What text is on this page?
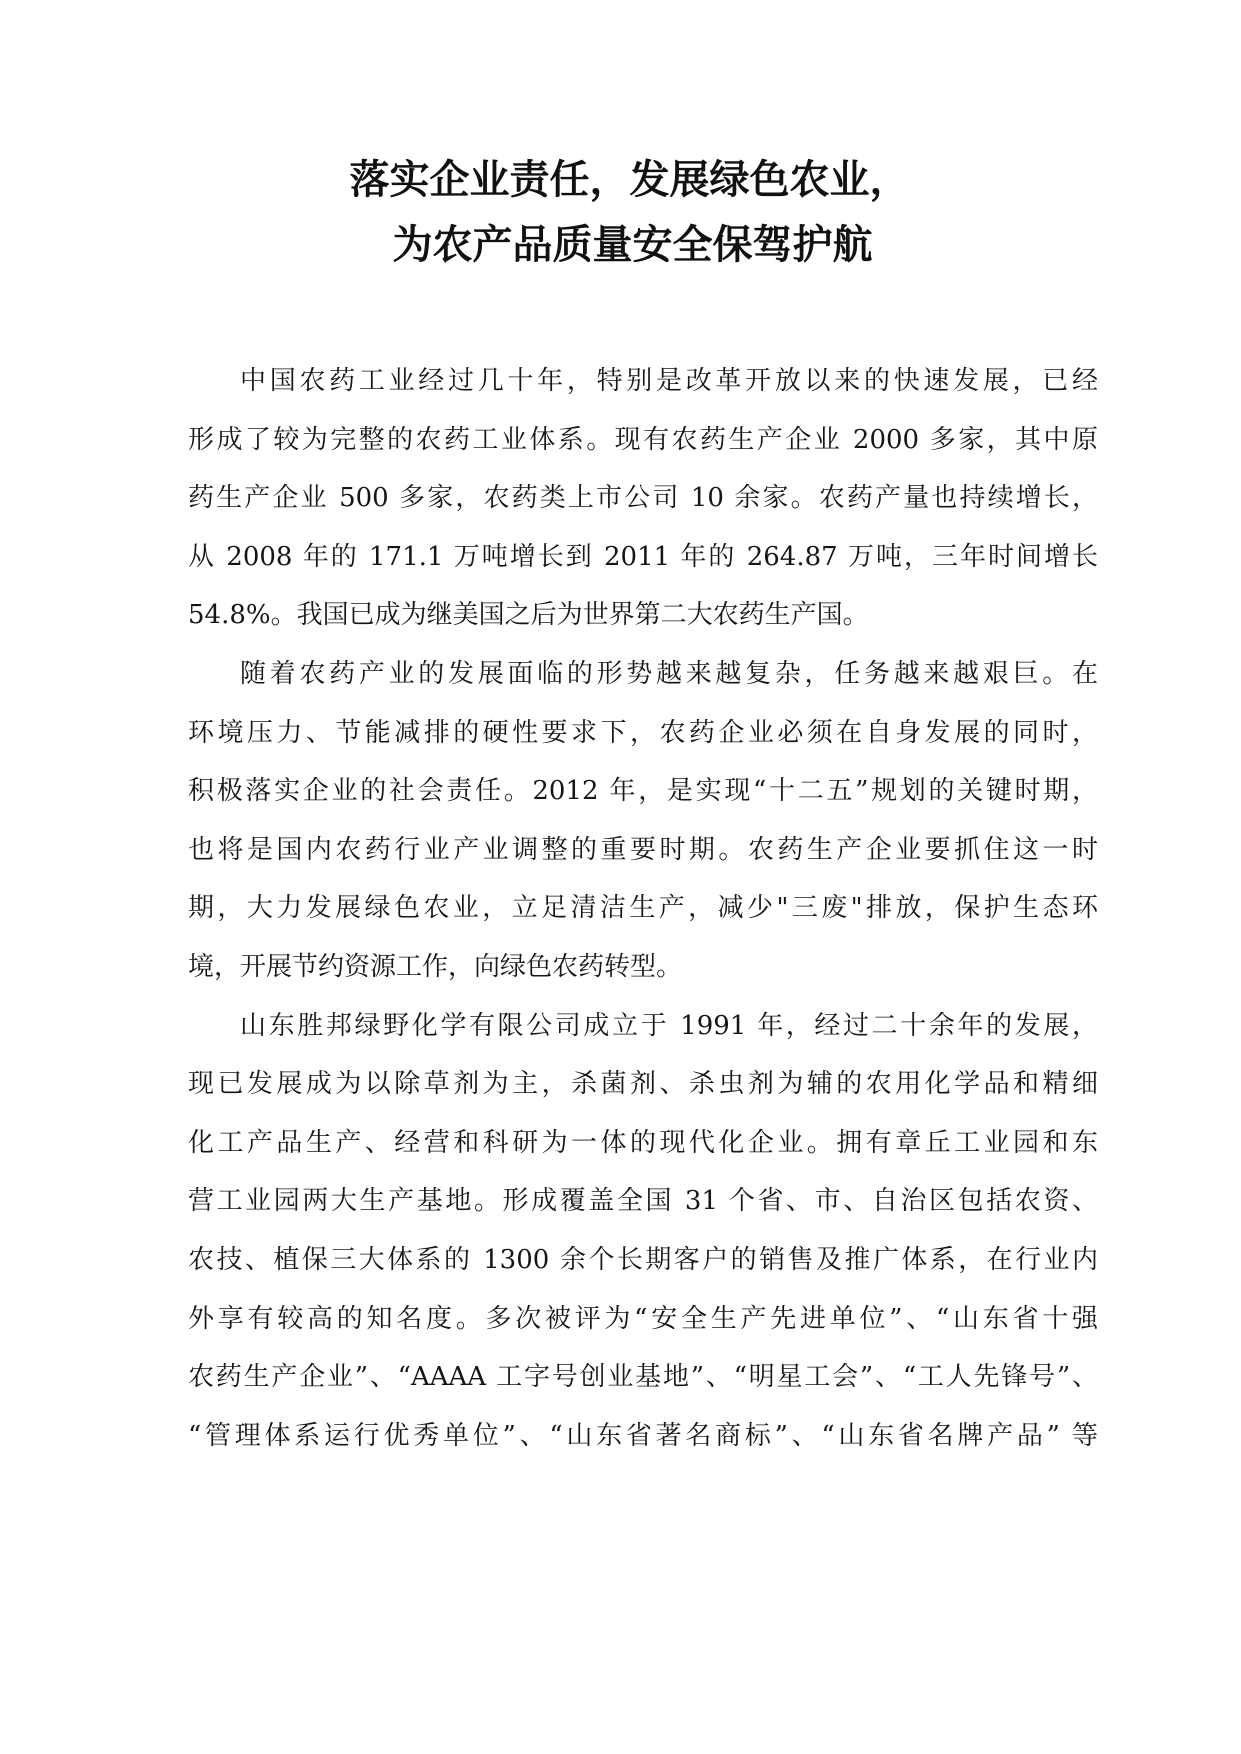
落实企业责任，发展绿色农业，
为农产品质量安全保驾护航
中国农药工业经过几十年，特别是改革开放以来的快速发展，已经
形成了较为完整的农药工业体系。现有农药生产企业 2000 多家，其中原
药生产企业 500 多家，农药类上市公司 10 余家。农药产量也持续增长，
从 2008 年的 171.1 万吨增长到 2011 年的 264.87 万吨，三年时间增长
54.8%。我国已成为继美国之后为世界第二大农药生产国。
随着农药产业的发展面临的形势越来越复杂，任务越来越艰巨。在
环境压力、节能减排的硬性要求下，农药企业必须在自身发展的同时，
积极落实企业的社会责任。2012 年，是实现“十二五”规划的关键时期，
也将是国内农药行业产业调整的重要时期。农药生产企业要抓住这一时
期，大力发展绿色农业，立足清洁生产，减少"三废"排放，保护生态环
境，开展节约资源工作，向绿色农药转型。
山东胜邦绿野化学有限公司成立于 1991 年，经过二十余年的发展，
现已发展成为以除草剂为主，杀菌剂、杀虫剂为辅的农用化学品和精细
化工产品生产、经营和科研为一体的现代化企业。拥有章丘工业园和东
营工业园两大生产基地。形成覆盖全国 31 个省、市、自治区包括农资、
农技、植保三大体系的 1300 余个长期客户的销售及推广体系，在行业内
外享有较高的知名度。多次被评为“安全生产先进单位”、“山东省十强
农药生产企业”、“AAAA 工字号创业基地”、“明星工会”、“工人先锋号”、
“管理体系运行优秀单位”、“山东省著名商标”、“山东省名牌产品” 等
